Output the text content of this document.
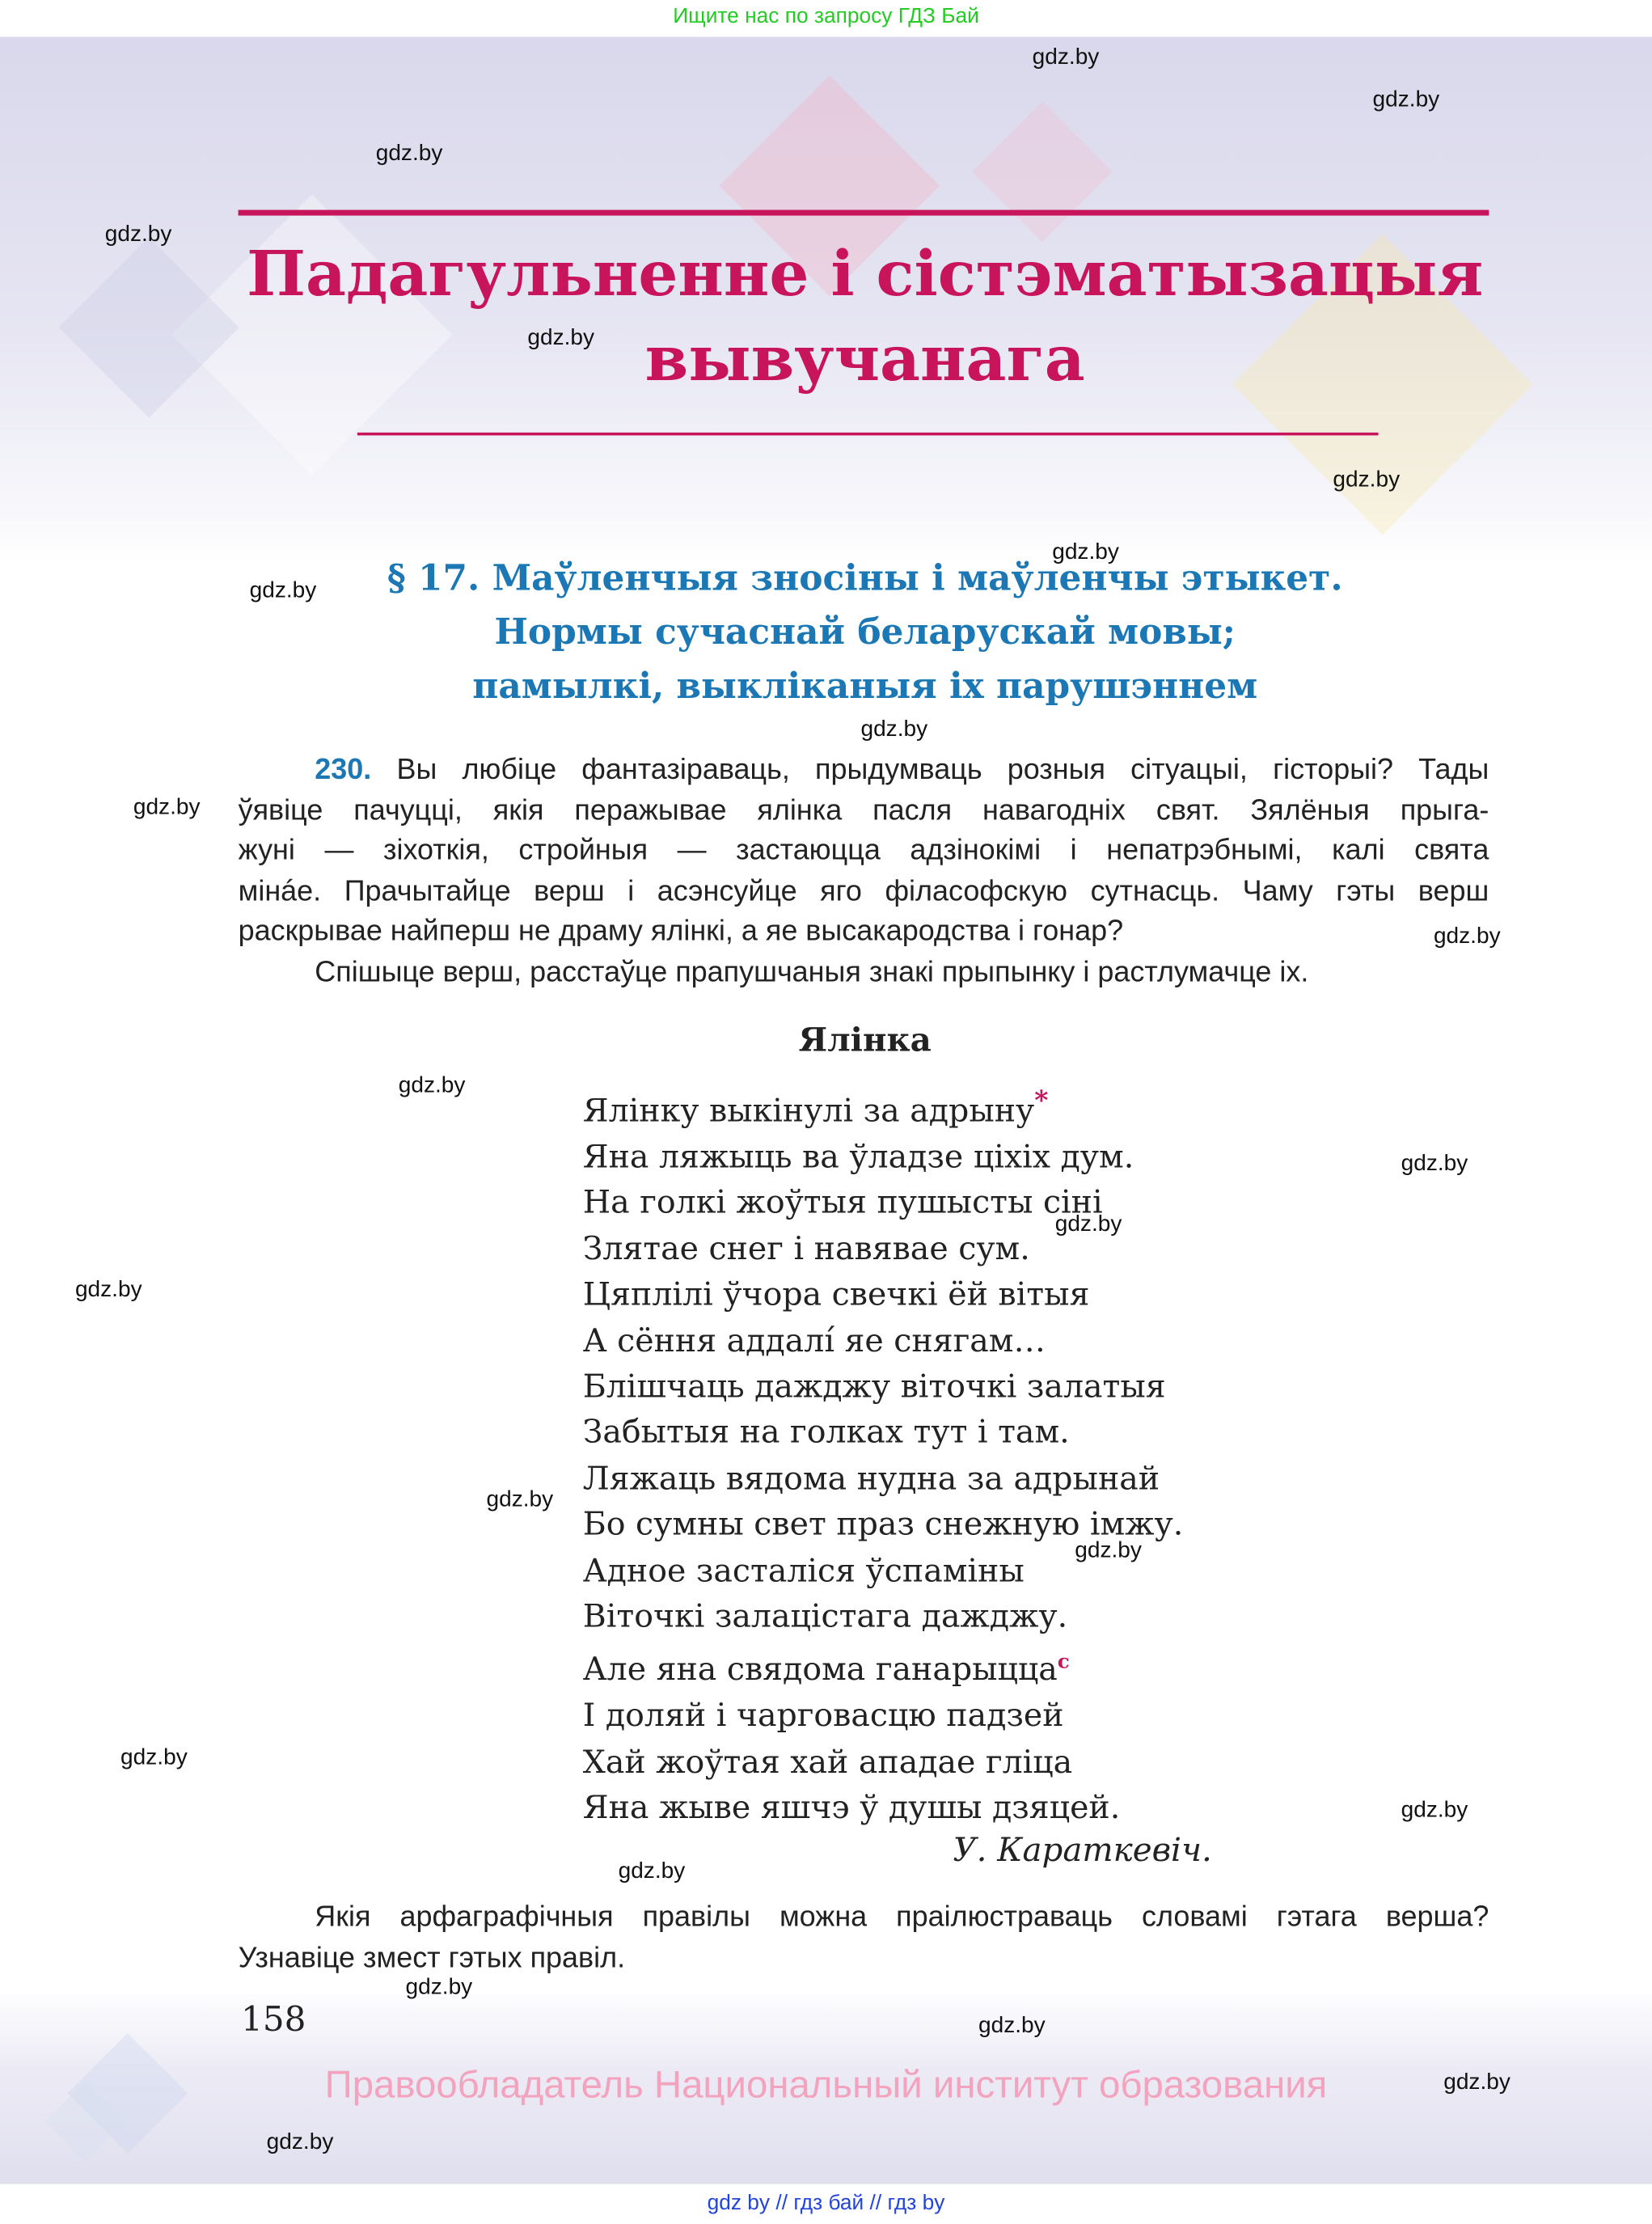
Ищите нас по запросу ГДЗ Бай
Падагульненне і сістэматызацыя
вывучанага
§ 17. Маўленчыя зносіны і маўленчы этыкет.
Нормы сучаснай беларускай мовы;
памылкі, выклiканыя іх парушэннем
230. Вы любіце фантазіраваць, прыдумваць розныя сітуацыі, гісторыі? Тады
ўявіце пачуцці, якія перажывае ялінка пасля навагодніх свят. Зялёныя прыга-
жуні — зіхоткія, стройныя — застаюцца адзінокімі і непатрэбнымі, калі свята
мінáе. Прачытайце верш і асэнсуйце яго філасофскую сутнасць. Чаму гэты верш
раскрывае найперш не драму ялінкі, а яе высакародства і гонар?
Спішыце верш, расстаўце прапушчаныя знакі прыпынку і растлумачце іх.
Ялінка
Ялінку выкінулі за адрыну*
Яна ляжыць ва ўладзе ціхіх дум.
На голкі жоўтыя пушысты сіні
Злятае снег і навявае сум.
Цяплілі ўчора свечкі ёй вітыя
А сёння аддалі́ яе снягам…
Блішчаць дажджу віточкі залатыя
Забытыя на голках тут і там.
Ляжаць вядома нудна за адрынай
Бо сумны свет праз снежную імжу.
Адное засталіся ўспаміны
Віточкі залацістага дажджу.
Але яна свядома ганарыцца$^с$
І доляй і чарговасцю падзей
Хай жоўтая хай ападае гліца
Яна жыве яшчэ ў душы дзяцей.
У. Караткевіч.
Якія арфаграфічныя правілы можна праілюстраваць словамі гэтага верша?
Узнавіце змест гэтых правіл.
158
Правообладатель Национальный институт образования
gdz by // гдз бай // гдз by
gdz.by
gdz.by
gdz.by
gdz.by
gdz.by
gdz.by
gdz.by
gdz.by
gdz.by
gdz.by
gdz.by
gdz.by
gdz.by
gdz.by
gdz.by
gdz.by
gdz.by
gdz.by
gdz.by
gdz.by
gdz.by
gdz.by
gdz.by
gdz.by
